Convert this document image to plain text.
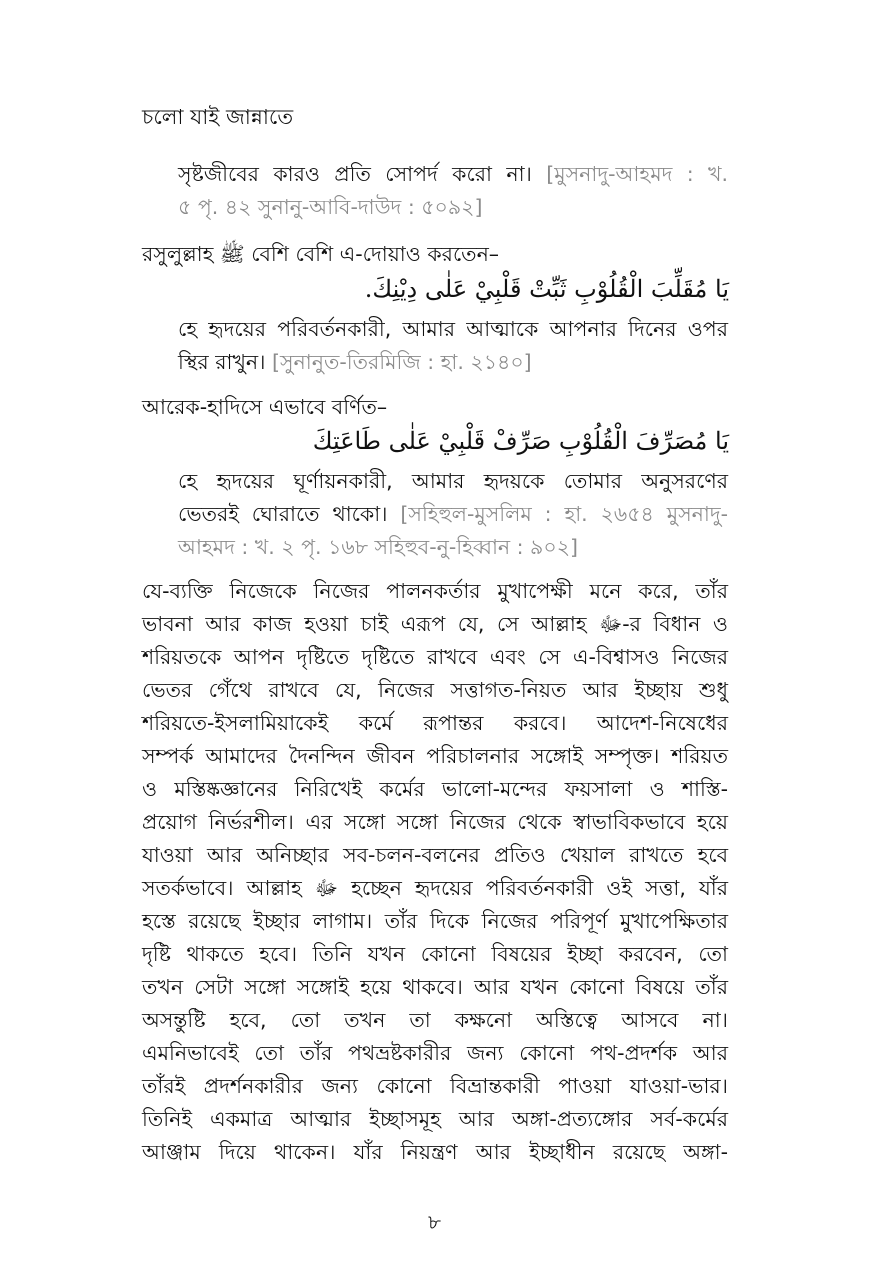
চলো যাই জান্নাতে
সৃষ্টজীবের কারও প্রতি সোপর্দ করো না। [মুসনাদু-আহমদ : খ.
৫ পৃ. ৪২ সুনানু-আবি-দাউদ : ৫০৯২]
রসুলুল্লাহ ﷺ বেশি বেশি এ-দোয়াও করতেন–
يَا مُقَلِّبَ الْقُلُوْبِ ثَبِّتْ قَلْبِيْ عَلٰى دِيْنِكَ.
হে হৃদয়ের পরিবর্তনকারী, আমার আত্মাকে আপনার দিনের ওপর
স্থির রাখুন। [সুনানুত-তিরমিজি : হা. ২১৪০]
আরেক-হাদিসে এভাবে বর্ণিত–
يَا مُصَرِّفَ الْقُلُوْبِ صَرِّفْ قَلْبِيْ عَلٰى طَاعَتِكَ
হে হৃদয়ের ঘূর্ণায়নকারী, আমার হৃদয়কে তোমার অনুসরণের
ভেতরই ঘোরাতে থাকো। [সহিহুল-মুসলিম : হা. ২৬৫৪ মুসনাদু-
আহমদ : খ. ২ পৃ. ১৬৮ সহিহুব-নু-হিব্বান : ৯০২]
যে-ব্যক্তি নিজেকে নিজের পালনকর্তার মুখাপেক্ষী মনে করে, তাঁর
ভাবনা আর কাজ হওয়া চাই এরূপ যে, সে আল্লাহ ﷻ-র বিধান ও
শরিয়তকে আপন দৃষ্টিতে দৃষ্টিতে রাখবে এবং সে এ-বিশ্বাসও নিজের
ভেতর গেঁথে রাখবে যে, নিজের সত্তাগত-নিয়ত আর ইচ্ছায় শুধু
শরিয়তে-ইসলামিয়াকেই কর্মে রূপান্তর করবে। আদেশ-নিষেধের
সম্পর্ক আমাদের দৈনন্দিন জীবন পরিচালনার সঙ্গোই সম্পৃক্ত। শরিয়ত
ও মস্তিষ্কজ্ঞানের নিরিখেই কর্মের ভালো-মন্দের ফয়সালা ও শাস্তি-
প্রয়োগ নির্ভরশীল। এর সঙ্গো সঙ্গো নিজের থেকে স্বাভাবিকভাবে হয়ে
যাওয়া আর অনিচ্ছার সব-চলন-বলনের প্রতিও খেয়াল রাখতে হবে
সতর্কভাবে। আল্লাহ ﷻ হচ্ছেন হৃদয়ের পরিবর্তনকারী ওই সত্তা, যাঁর
হস্তে রয়েছে ইচ্ছার লাগাম। তাঁর দিকে নিজের পরিপূর্ণ মুখাপেক্ষিতার
দৃষ্টি থাকতে হবে। তিনি যখন কোনো বিষয়ের ইচ্ছা করবেন, তো
তখন সেটা সঙ্গো সঙ্গোই হয়ে থাকবে। আর যখন কোনো বিষয়ে তাঁর
অসন্তুষ্টি হবে, তো তখন তা কক্ষনো অস্তিত্বে আসবে না।
এমনিভাবেই তো তাঁর পথভ্রষ্টকারীর জন্য কোনো পথ-প্রদর্শক আর
তাঁরই প্রদর্শনকারীর জন্য কোনো বিভ্রান্তকারী পাওয়া যাওয়া-ভার।
তিনিই একমাত্র আত্মার ইচ্ছাসমূহ আর অঙ্গা-প্রত্যঙ্গোর সর্ব-কর্মের
আঞ্জাম দিয়ে থাকেন। যাঁর নিয়ন্ত্রণ আর ইচ্ছাধীন রয়েছে অঙ্গা-
৮
